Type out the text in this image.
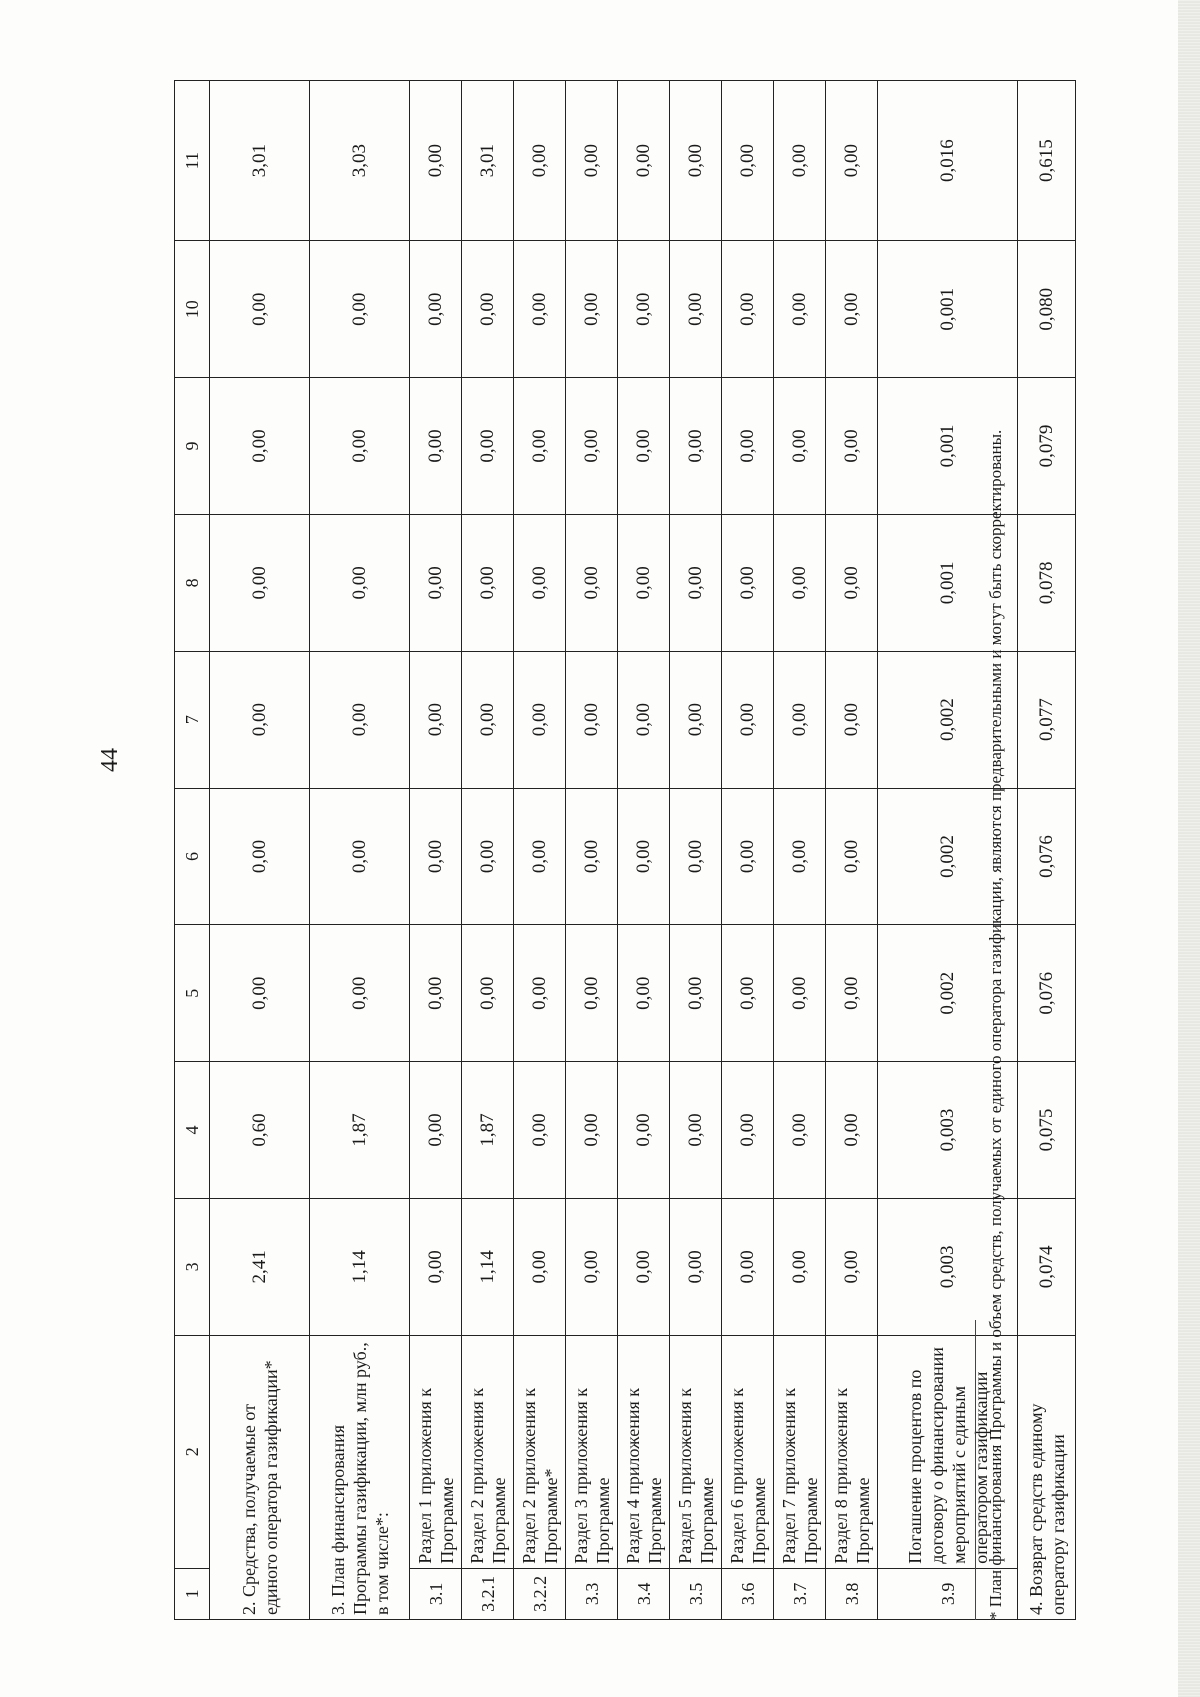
44
1	2	3	4	5	6	7	8	9	10	11
2. Средства, получаемые от единого оператора газификации*		2,41	0,60	0,00	0,00	0,00	0,00	0,00	0,00	3,01
3. План финансирования Программы газификации, млн руб., в том числе*:		1,14	1,87	0,00	0,00	0,00	0,00	0,00	0,00	3,03
3.1	Раздел 1 приложения к Программе	0,00	0,00	0,00	0,00	0,00	0,00	0,00	0,00	0,00
3.2.1	Раздел 2 приложения к Программе	1,14	1,87	0,00	0,00	0,00	0,00	0,00	0,00	3,01
3.2.2	Раздел 2 приложения к Программе*	0,00	0,00	0,00	0,00	0,00	0,00	0,00	0,00	0,00
3.3	Раздел 3 приложения к Программе	0,00	0,00	0,00	0,00	0,00	0,00	0,00	0,00	0,00
3.4	Раздел 4 приложения к Программе	0,00	0,00	0,00	0,00	0,00	0,00	0,00	0,00	0,00
3.5	Раздел 5 приложения к Программе	0,00	0,00	0,00	0,00	0,00	0,00	0,00	0,00	0,00
3.6	Раздел 6 приложения к Программе	0,00	0,00	0,00	0,00	0,00	0,00	0,00	0,00	0,00
3.7	Раздел 7 приложения к Программе	0,00	0,00	0,00	0,00	0,00	0,00	0,00	0,00	0,00
3.8	Раздел 8 приложения к Программе	0,00	0,00	0,00	0,00	0,00	0,00	0,00	0,00	0,00
3.9	Погашение процентов по договору о финансировании мероприятий с единым оператором газификации	0,003	0,003	0,002	0,002	0,002	0,001	0,001	0,001	0,016
4. Возврат средств единому оператору газификации		0,074	0,075	0,076	0,076	0,077	0,078	0,079	0,080	0,615
* План финансирования Программы и объем средств, получаемых от единого оператора газификации, являются предварительными и могут быть скорректированы.
